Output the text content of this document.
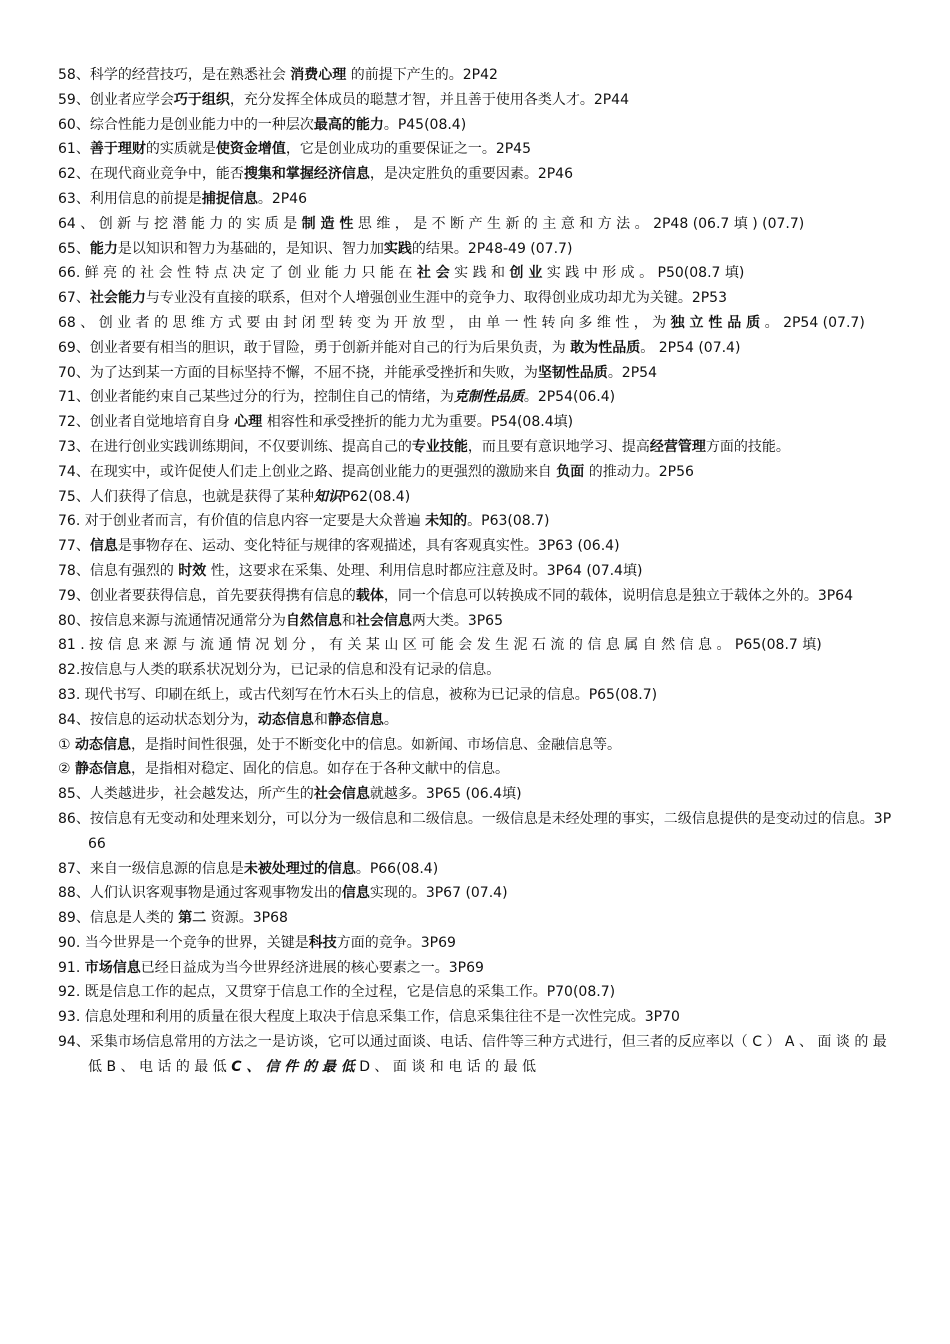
58、科学的经营技巧，是在熟悉社会 消费心理 的前提下产生的。2P42
59、创业者应学会巧于组织，充分发挥全体成员的聪慧才智，并且善于使用各类人才。2P44
60、综合性能力是创业能力中的一种层次最高的能力。P45(08.4)
61、善于理财的实质就是使资金增值，它是创业成功的重要保证之一。2P45
62、在现代商业竞争中，能否搜集和掌握经济信息，是决定胜负的重要因素。2P46
63、利用信息的前提是捕捉信息。2P46
64 、 创 新 与 挖 潜 能 力 的 实 质 是 制 造 性 思 维 ， 是 不 断 产 生 新 的 主 意 和 方 法 。 2P48 (06.7 填 ) (07.7)
65、能力是以知识和智力为基础的，是知识、智力加实践的结果。2P48-49 (07.7)
66. 鲜 亮 的 社 会 性 特 点 决 定 了 创 业 能 力 只 能 在 社 会 实 践 和 创 业 实 践 中 形 成 。 P50(08.7 填)
67、社会能力与专业没有直接的联系，但对个人增强创业生涯中的竞争力、取得创业成功却尤为关键。2P53
68 、 创 业 者 的 思 维 方 式 要 由 封 闭 型 转 变 为 开 放 型 ， 由 单 一 性 转 向 多 维 性 ， 为 独 立 性 品 质 。 2P54 (07.7)
69、创业者要有相当的胆识，敢于冒险，勇于创新并能对自己的行为后果负责，为 敢为性品质。 2P54 (07.4)
70、为了达到某一方面的目标坚持不懈，不屈不挠，并能承受挫折和失败，为坚韧性品质。2P54
71、创业者能约束自己某些过分的行为，控制住自己的情绪，为克制性品质。2P54(06.4)
72、创业者自觉地培育自身 心理 相容性和承受挫折的能力尤为重要。P54(08.4填)
73、在进行创业实践训练期间，不仅要训练、提高自己的专业技能，而且要有意识地学习、提高经营管理方面的技能。
74、在现实中，或许促使人们走上创业之路、提高创业能力的更强烈的激励来自 负面 的推动力。2P56
75、人们获得了信息，也就是获得了某种知识P62(08.4)
76. 对于创业者而言，有价值的信息内容一定要是大众普遍 未知的。P63(08.7)
77、信息是事物存在、运动、变化特征与规律的客观描述，具有客观真实性。3P63 (06.4)
78、信息有强烈的 时效 性，这要求在采集、处理、利用信息时都应注意及时。3P64 (07.4填)
79、创业者要获得信息，首先要获得携有信息的载体，同一个信息可以转换成不同的载体，说明信息是独立于载体之外的。3P64
80、按信息来源与流通情况通常分为自然信息和社会信息两大类。3P65
81 . 按 信 息 来 源 与 流 通 情 况 划 分 ， 有 关 某 山 区 可 能 会 发 生 泥 石 流 的 信 息 属 自 然 信 息 。 P65(08.7 填)
82.按信息与人类的联系状况划分为，已记录的信息和没有记录的信息。
83. 现代书写、印刷在纸上，或古代刻写在竹木石头上的信息，被称为已记录的信息。P65(08.7)
84、按信息的运动状态划分为，动态信息和静态信息。
① 动态信息，是指时间性很强，处于不断变化中的信息。如新闻、市场信息、金融信息等。
② 静态信息，是指相对稳定、固化的信息。如存在于各种文献中的信息。
85、人类越进步，社会越发达，所产生的社会信息就越多。3P65 (06.4填)
86、按信息有无变动和处理来划分，可以分为一级信息和二级信息。一级信息是未经处理的事实，二级信息提供的是变动过的信息。3P66
87、来自一级信息源的信息是未被处理过的信息。P66(08.4)
88、人们认识客观事物是通过客观事物发出的信息实现的。3P67 (07.4)
89、信息是人类的 第二 资源。3P68
90. 当今世界是一个竞争的世界，关键是科技方面的竞争。3P69
91. 市场信息已经日益成为当今世界经济进展的核心要素之一。3P69
92. 既是信息工作的起点，又贯穿于信息工作的全过程，它是信息的采集工作。P70(08.7)
93. 信息处理和利用的质量在很大程度上取决于信息采集工作，信息采集往往不是一次性完成。3P70
94、采集市场信息常用的方法之一是访谈，它可以通过面谈、电话、信件等三种方式进行，但三者的反应率以（ C ） A 、 面 谈 的 最 低 B 、 电 话 的 最 低 C 、 信 件 的 最 低 D 、 面 谈 和 电 话 的 最 低
